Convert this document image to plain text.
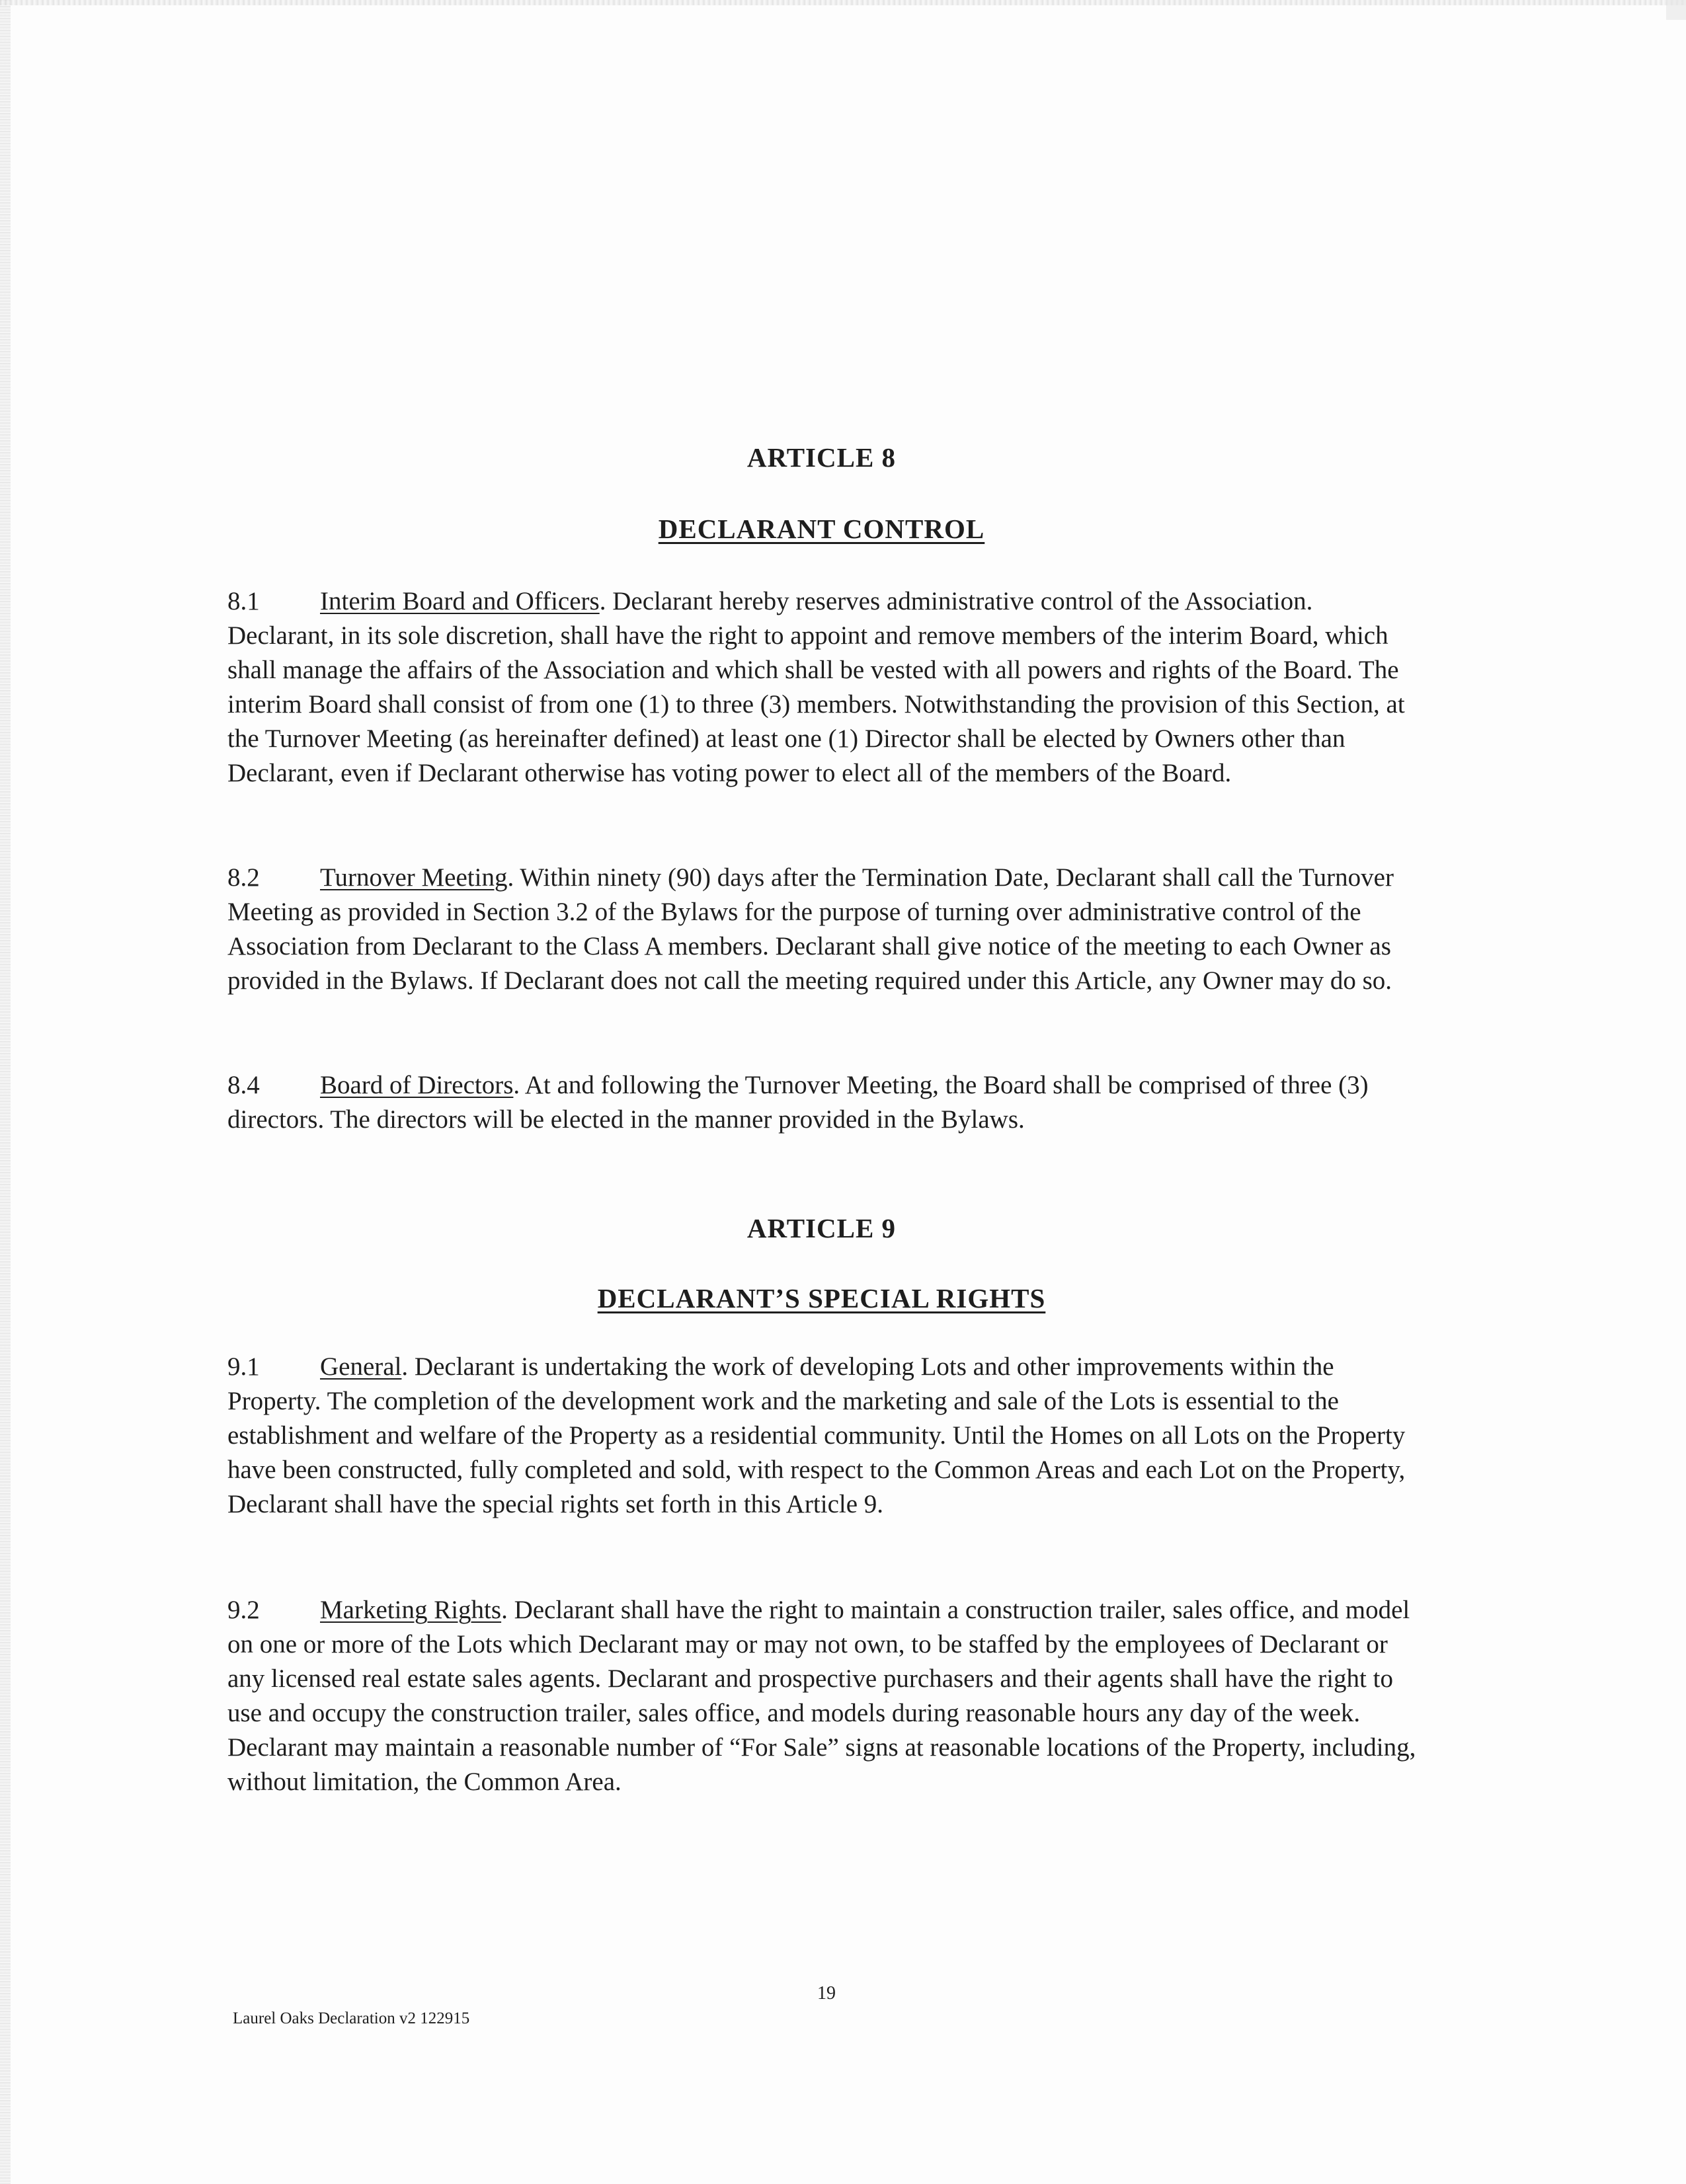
ARTICLE 8
DECLARANT CONTROL
8.1 Interim Board and Officers. Declarant hereby reserves administrative control of the Association. Declarant, in its sole discretion, shall have the right to appoint and remove members of the interim Board, which shall manage the affairs of the Association and which shall be vested with all powers and rights of the Board. The interim Board shall consist of from one (1) to three (3) members. Notwithstanding the provision of this Section, at the Turnover Meeting (as hereinafter defined) at least one (1) Director shall be elected by Owners other than Declarant, even if Declarant otherwise has voting power to elect all of the members of the Board.
8.2 Turnover Meeting. Within ninety (90) days after the Termination Date, Declarant shall call the Turnover Meeting as provided in Section 3.2 of the Bylaws for the purpose of turning over administrative control of the Association from Declarant to the Class A members. Declarant shall give notice of the meeting to each Owner as provided in the Bylaws. If Declarant does not call the meeting required under this Article, any Owner may do so.
8.4 Board of Directors. At and following the Turnover Meeting, the Board shall be comprised of three (3) directors. The directors will be elected in the manner provided in the Bylaws.
ARTICLE 9
DECLARANT’S SPECIAL RIGHTS
9.1 General. Declarant is undertaking the work of developing Lots and other improvements within the Property. The completion of the development work and the marketing and sale of the Lots is essential to the establishment and welfare of the Property as a residential community. Until the Homes on all Lots on the Property have been constructed, fully completed and sold, with respect to the Common Areas and each Lot on the Property, Declarant shall have the special rights set forth in this Article 9.
9.2 Marketing Rights. Declarant shall have the right to maintain a construction trailer, sales office, and model on one or more of the Lots which Declarant may or may not own, to be staffed by the employees of Declarant or any licensed real estate sales agents. Declarant and prospective purchasers and their agents shall have the right to use and occupy the construction trailer, sales office, and models during reasonable hours any day of the week. Declarant may maintain a reasonable number of “For Sale” signs at reasonable locations of the Property, including, without limitation, the Common Area.
19
Laurel Oaks Declaration v2 122915
